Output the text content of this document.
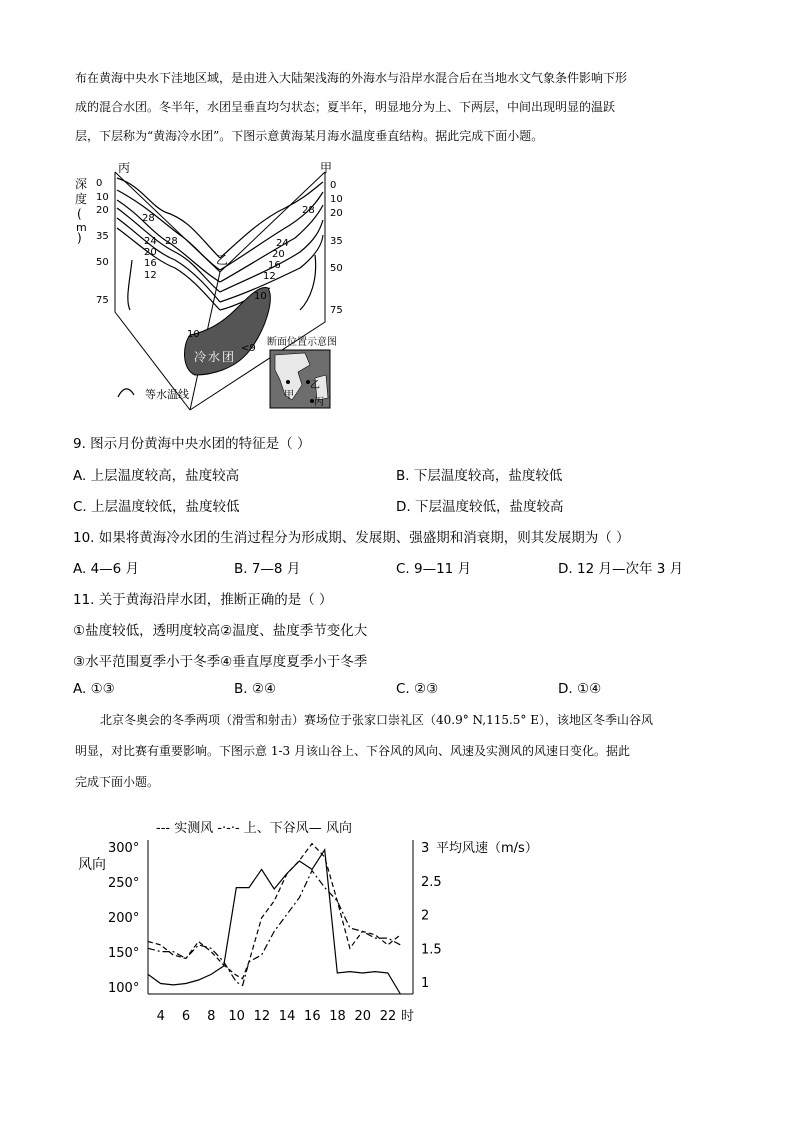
布在黄海中央水下洼地区域，是由进入大陆架浅海的外海水与沿岸水混合后在当地水文气象条件影响下形
成的混合水团。冬半年，水团呈垂直均匀状态；夏半年，明显地分为上、下两层，中间出现明显的温跃
层，下层称为“黄海冷水团”。下图示意黄海某月海水温度垂直结构。据此完成下面小题。
丙	甲
乙
深
度
(
m
)
0
10
20
35
50
75
0
10
20
35
50
75
28
28
24
20
16
12
28
24
20
16
12
10
10
<9
冷水团
等水温线
断面位置示意图
乙
甲
丙
9. 图示月份黄海中央水团的特征是（ ）
A. 上层温度较高，盐度较高	B. 下层温度较高，盐度较低
C. 上层温度较低，盐度较低	D. 下层温度较低，盐度较高
10. 如果将黄海冷水团的生消过程分为形成期、发展期、强盛期和消衰期，则其发展期为（ ）
A. 4—6 月	B. 7—8 月	C. 9—11 月	D. 12 月—次年 3 月
11. 关于黄海沿岸水团，推断正确的是（ ）
①盐度较低，透明度较高②温度、盐度季节变化大
③水平范围夏季小于冬季④垂直厚度夏季小于冬季
A. ①③	B. ②④	C. ②③	D. ①④
北京冬奥会的冬季两项（滑雪和射击）赛场位于张家口崇礼区（40.9° N,115.5° E），该地区冬季山谷风
明显，对比赛有重要影响。下图示意 1-3 月该山谷上、下谷风的风向、风速及实测风的风速日变化。据此
完成下面小题。
--- 实测风 -·-·- 上、下谷风— 风向
风向
平均风速（m/s）
时
300°
250°
200°
150°
100°
3
2.5
2
1.5
1
4 6 8 10 12 14 16 18 20 22
